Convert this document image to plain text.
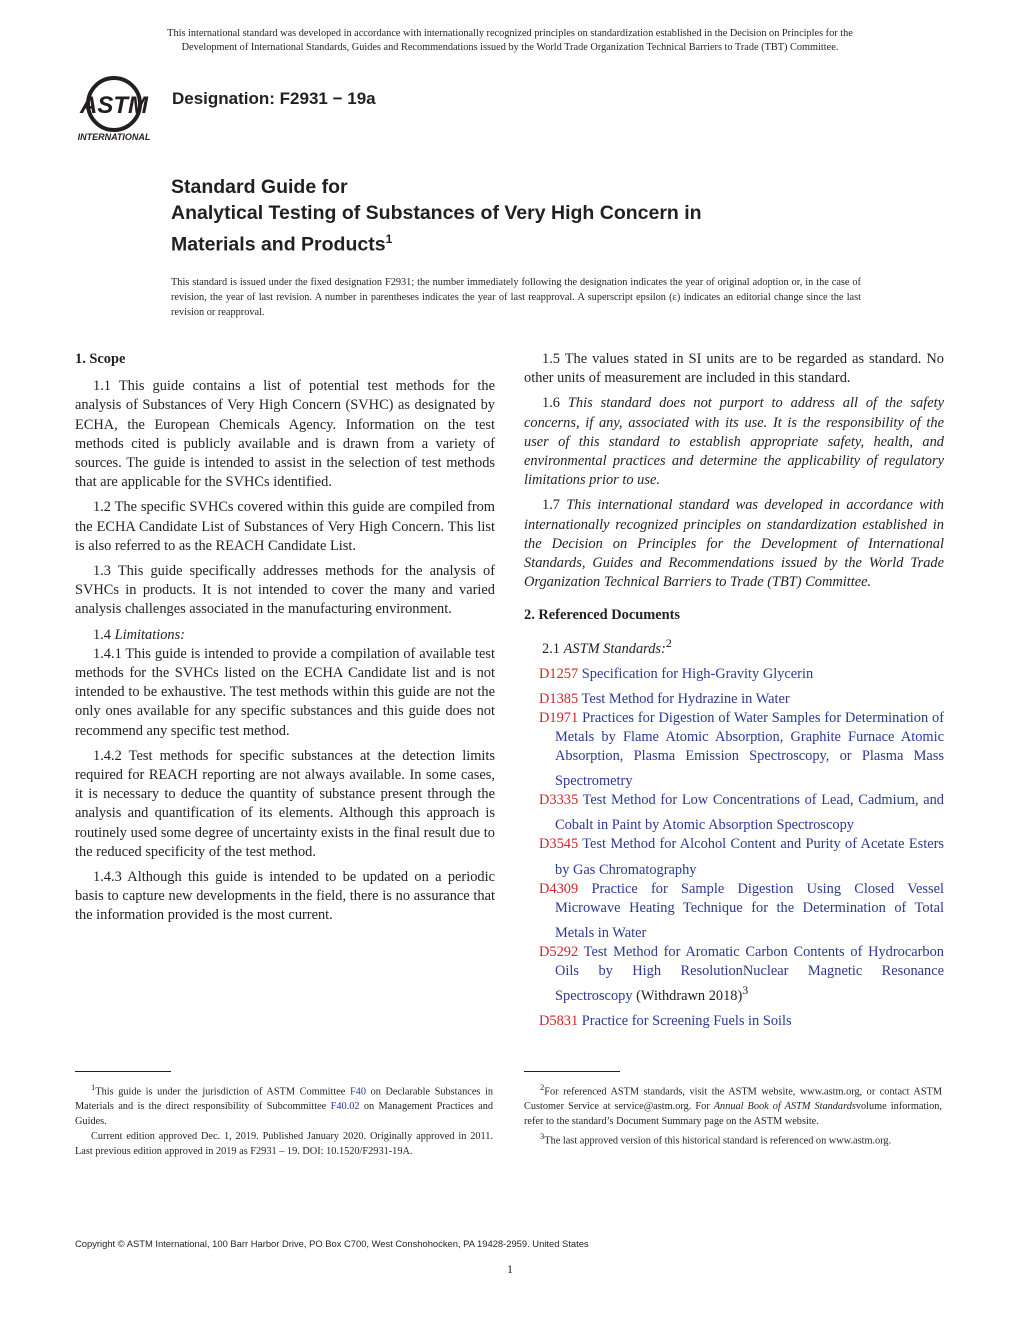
This international standard was developed in accordance with internationally recognized principles on standardization established in the Decision on Principles for the
Development of International Standards, Guides and Recommendations issued by the World Trade Organization Technical Barriers to Trade (TBT) Committee.
ASTM
INTERNATIONAL
Designation: F2931 − 19a
Standard Guide for
Analytical Testing of Substances of Very High Concern in
Materials and Products$^1$
This standard is issued under the fixed designation F2931; the number immediately following the designation indicates the year of original adoption or, in the case of revision, the year of last revision. A number in parentheses indicates the year of last reapproval. A superscript epsilon (ε) indicates an editorial change since the last revision or reapproval.
1. Scope

1.1 This guide contains a list of potential test methods for the analysis of Substances of Very High Concern (SVHC) as designated by ECHA, the European Chemicals Agency. Information on the test methods cited is publicly available and is drawn from a variety of sources. The guide is intended to assist in the selection of test methods that are applicable for the SVHCs identified.

1.2 The specific SVHCs covered within this guide are compiled from the ECHA Candidate List of Substances of Very High Concern. This list is also referred to as the REACH Candidate List.

1.3 This guide specifically addresses methods for the analysis of SVHCs in products. It is not intended to cover the many and varied analysis challenges associated in the manufacturing environment.

1.4 Limitations:

1.4.1 This guide is intended to provide a compilation of available test methods for the SVHCs listed on the ECHA Candidate list and is not intended to be exhaustive. The test methods within this guide are not the only ones available for any specific substances and this guide does not recommend any specific test method.

1.4.2 Test methods for specific substances at the detection limits required for REACH reporting are not always available. In some cases, it is necessary to deduce the quantity of substance present through the analysis and quantification of its elements. Although this approach is routinely used some degree of uncertainty exists in the final result due to the reduced specificity of the test method.

1.4.3 Although this guide is intended to be updated on a periodic basis to capture new developments in the field, there is no assurance that the information provided is the most current.

1.5 The values stated in SI units are to be regarded as standard. No other units of measurement are included in this standard.

1.6 This standard does not purport to address all of the safety concerns, if any, associated with its use. It is the responsibility of the user of this standard to establish appropriate safety, health, and environmental practices and determine the applicability of regulatory limitations prior to use.

1.7 This international standard was developed in accordance with internationally recognized principles on standardization established in the Decision on Principles for the Development of International Standards, Guides and Recommendations issued by the World Trade Organization Technical Barriers to Trade (TBT) Committee.

2. Referenced Documents

2.1 ASTM Standards:$^2$

D1257 Specification for High-Gravity Glycerin

D1385 Test Method for Hydrazine in Water

D1971 Practices for Digestion of Water Samples for Determination of Metals by Flame Atomic Absorption, Graphite Furnace Atomic Absorption, Plasma Emission Spectroscopy, or Plasma Mass Spectrometry

D3335 Test Method for Low Concentrations of Lead, Cadmium, and Cobalt in Paint by Atomic Absorption Spectroscopy

D3545 Test Method for Alcohol Content and Purity of Acetate Esters by Gas Chromatography

D4309 Practice for Sample Digestion Using Closed Vessel Microwave Heating Technique for the Determination of Total Metals in Water

D5292 Test Method for Aromatic Carbon Contents of Hydrocarbon Oils by High ResolutionNuclear Magnetic Resonance Spectroscopy (Withdrawn 2018)$^3$

D5831 Practice for Screening Fuels in Soils

$^1$This guide is under the jurisdiction of ASTM Committee F40 on Declarable Substances in Materials and is the direct responsibility of Subcommittee F40.02 on Management Practices and Guides.

Current edition approved Dec. 1, 2019. Published January 2020. Originally approved in 2011. Last previous edition approved in 2019 as F2931 – 19. DOI: 10.1520/F2931-19A.

$^2$For referenced ASTM standards, visit the ASTM website, www.astm.org, or contact ASTM Customer Service at service@astm.org. For Annual Book of ASTM Standardsvolume information, refer to the standard’s Document Summary page on the ASTM website.

$^3$The last approved version of this historical standard is referenced on www.astm.org.

Copyright © ASTM International, 100 Barr Harbor Drive, PO Box C700, West Conshohocken, PA 19428-2959. United States
1
